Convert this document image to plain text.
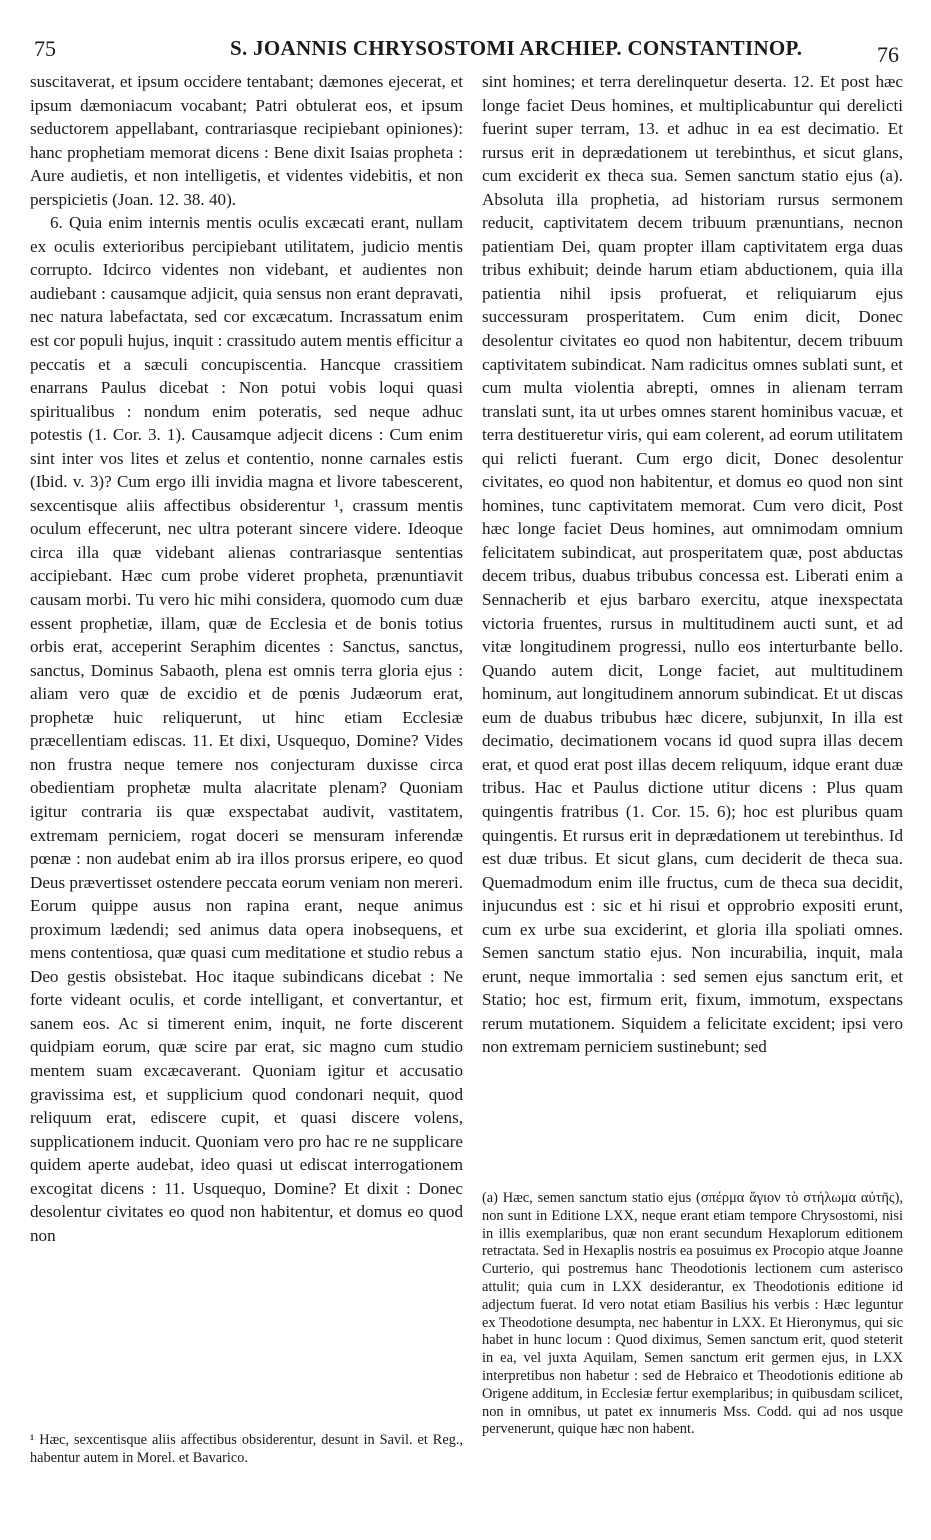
75	S. JOANNIS CHRYSOSTOMI ARCHIEP. CONSTANTINOP.	76

suscitaverat, et ipsum occidere tentabant; dæmones ejecerat, et ipsum dæmoniacum vocabant; Patri obtulerat eos, et ipsum seductorem appellabant, contrariasque recipiebant opiniones): hanc prophetiam memorat dicens : Bene dixit Isaias propheta : Aure audietis, et non intelligetis, et videntes videbitis, et non perspicietis (Joan. 12. 38. 40).

6. Quia enim internis mentis oculis excæcati erant, nullam ex oculis exterioribus percipiebant utilitatem, judicio mentis corrupto. Idcirco videntes non videbant, et audientes non audiebant : causamque adjicit, quia sensus non erant depravati, nec natura labefactata, sed cor excæcatum. Incrassatum enim est cor populi hujus, inquit : crassitudo autem mentis efficitur a peccatis et a sæculi concupiscentia. Hancque crassitiem enarrans Paulus dicebat : Non potui vobis loqui quasi spiritualibus : nondum enim poteratis, sed neque adhuc potestis (1. Cor. 3. 1). Causamque adjecit dicens : Cum enim sint inter vos lites et zelus et contentio, nonne carnales estis (Ibid. v. 3)? Cum ergo illi invidia magna et livore tabescerent, sexcentisque aliis affectibus obsiderentur ¹, crassum mentis oculum effecerunt, nec ultra poterant sincere videre. Ideoque circa illa quæ videbant alienas contrariasque sententias accipiebant. Hæc cum probe videret propheta, prænuntiavit causam morbi. Tu vero hic mihi considera, quomodo cum duæ essent prophetiæ, illam, quæ de Ecclesia et de bonis totius orbis erat, acceperint Seraphim dicentes : Sanctus, sanctus, sanctus, Dominus Sabaoth, plena est omnis terra gloria ejus : aliam vero quæ de excidio et de pœnis Judæorum erat, prophetæ huic reliquerunt, ut hinc etiam Ecclesiæ præcellentiam ediscas. 11. Et dixi, Usquequo, Domine? Vides non frustra neque temere nos conjecturam duxisse circa obedientiam prophetæ multa alacritate plenam? Quoniam igitur contraria iis quæ exspectabat audivit, vastitatem, extremam perniciem, rogat doceri se mensuram inferendæ pœnæ : non audebat enim ab ira illos prorsus eripere, eo quod Deus prævertisset ostendere peccata eorum veniam non mereri. Eorum quippe ausus non rapina erant, neque animus proximum lædendi; sed animus data opera inobsequens, et mens contentiosa, quæ quasi cum meditatione et studio rebus a Deo gestis obsistebat. Hoc itaque subindicans dicebat : Ne forte videant oculis, et corde intelligant, et convertantur, et sanem eos. Ac si timerent enim, inquit, ne forte discerent quidpiam eorum, quæ scire par erat, sic magno cum studio mentem suam excæcaverant. Quoniam igitur et accusatio gravissima est, et supplicium quod condonari nequit, quod reliquum erat, ediscere cupit, et quasi discere volens, supplicationem inducit. Quoniam vero pro hac re ne supplicare quidem aperte audebat, ideo quasi ut ediscat interrogationem excogitat dicens : 11. Usquequo, Domine? Et dixit : Donec desolentur civitates eo quod non habitentur, et domus eo quod non

sint homines; et terra derelinquetur deserta. 12. Et post hæc longe faciet Deus homines, et multiplicabuntur qui derelicti fuerint super terram, 13. et adhuc in ea est decimatio. Et rursus erit in deprædationem ut terebinthus, et sicut glans, cum exciderit ex theca sua. Semen sanctum statio ejus (a). Absoluta illa prophetia, ad historiam rursus sermonem reducit, captivitatem decem tribuum prænuntians, necnon patientiam Dei, quam propter illam captivitatem erga duas tribus exhibuit; deinde harum etiam abductionem, quia illa patientia nihil ipsis profuerat, et reliquiarum ejus successuram prosperitatem. Cum enim dicit, Donec desolentur civitates eo quod non habitentur, decem tribuum captivitatem subindicat. Nam radicitus omnes sublati sunt, et cum multa violentia abrepti, omnes in alienam terram translati sunt, ita ut urbes omnes starent hominibus vacuæ, et terra destitueretur viris, qui eam colerent, ad eorum utilitatem qui relicti fuerant. Cum ergo dicit, Donec desolentur civitates, eo quod non habitentur, et domus eo quod non sint homines, tunc captivitatem memorat. Cum vero dicit, Post hæc longe faciet Deus homines, aut omnimodam omnium felicitatem subindicat, aut prosperitatem quæ, post abductas decem tribus, duabus tribubus concessa est. Liberati enim a Sennacherib et ejus barbaro exercitu, atque inexspectata victoria fruentes, rursus in multitudinem aucti sunt, et ad vitæ longitudinem progressi, nullo eos interturbante bello. Quando autem dicit, Longe faciet, aut multitudinem hominum, aut longitudinem annorum subindicat. Et ut discas eum de duabus tribubus hæc dicere, subjunxit, In illa est decimatio, decimationem vocans id quod supra illas decem erat, et quod erat post illas decem reliquum, idque erant duæ tribus. Hac et Paulus dictione utitur dicens : Plus quam quingentis fratribus (1. Cor. 15. 6); hoc est pluribus quam quingentis. Et rursus erit in deprædationem ut terebinthus. Id est duæ tribus. Et sicut glans, cum deciderit de theca sua. Quemadmodum enim ille fructus, cum de theca sua decidit, injucundus est : sic et hi risui et opprobrio expositi erunt, cum ex urbe sua exciderint, et gloria illa spoliati omnes. Semen sanctum statio ejus. Non incurabilia, inquit, mala erunt, neque immortalia : sed semen ejus sanctum erit, et Statio; hoc est, firmum erit, fixum, immotum, exspectans rerum mutationem. Siquidem a felicitate excident; ipsi vero non extremam perniciem sustinebunt; sed

¹ Hæc, sexcentisque aliis affectibus obsiderentur, desunt in Savil. et Reg., habentur autem in Morel. et Bavarico.
(a) Hæc, semen sanctum statio ejus (σπέρμα ἅγιον τὸ στήλωμα αὐτῆς), non sunt in Editione LXX, neque erant etiam tempore Chrysostomi, nisi in illis exemplaribus, quæ non erant secundum Hexaplorum editionem retractata. Sed in Hexaplis nostris ea posuimus ex Procopio atque Joanne Curterio, qui postremus hanc Theodotionis lectionem cum asterisco attulit; quia cum in LXX desiderantur, ex Theodotionis editione id adjectum fuerat. Id vero notat etiam Basilius his verbis : Hæc leguntur ex Theodotione desumpta, nec habentur in LXX. Et Hieronymus, qui sic habet in hunc locum : Quod diximus, Semen sanctum erit, quod steterit in ea, vel juxta Aquilam, Semen sanctum erit germen ejus, in LXX interpretibus non habetur : sed de Hebraico et Theodotionis editione ab Origene additum, in Ecclesiæ fertur exemplaribus; in quibusdam scilicet, non in omnibus, ut patet ex innumeris Mss. Codd. qui ad nos usque pervenerunt, quique hæc non habent.
